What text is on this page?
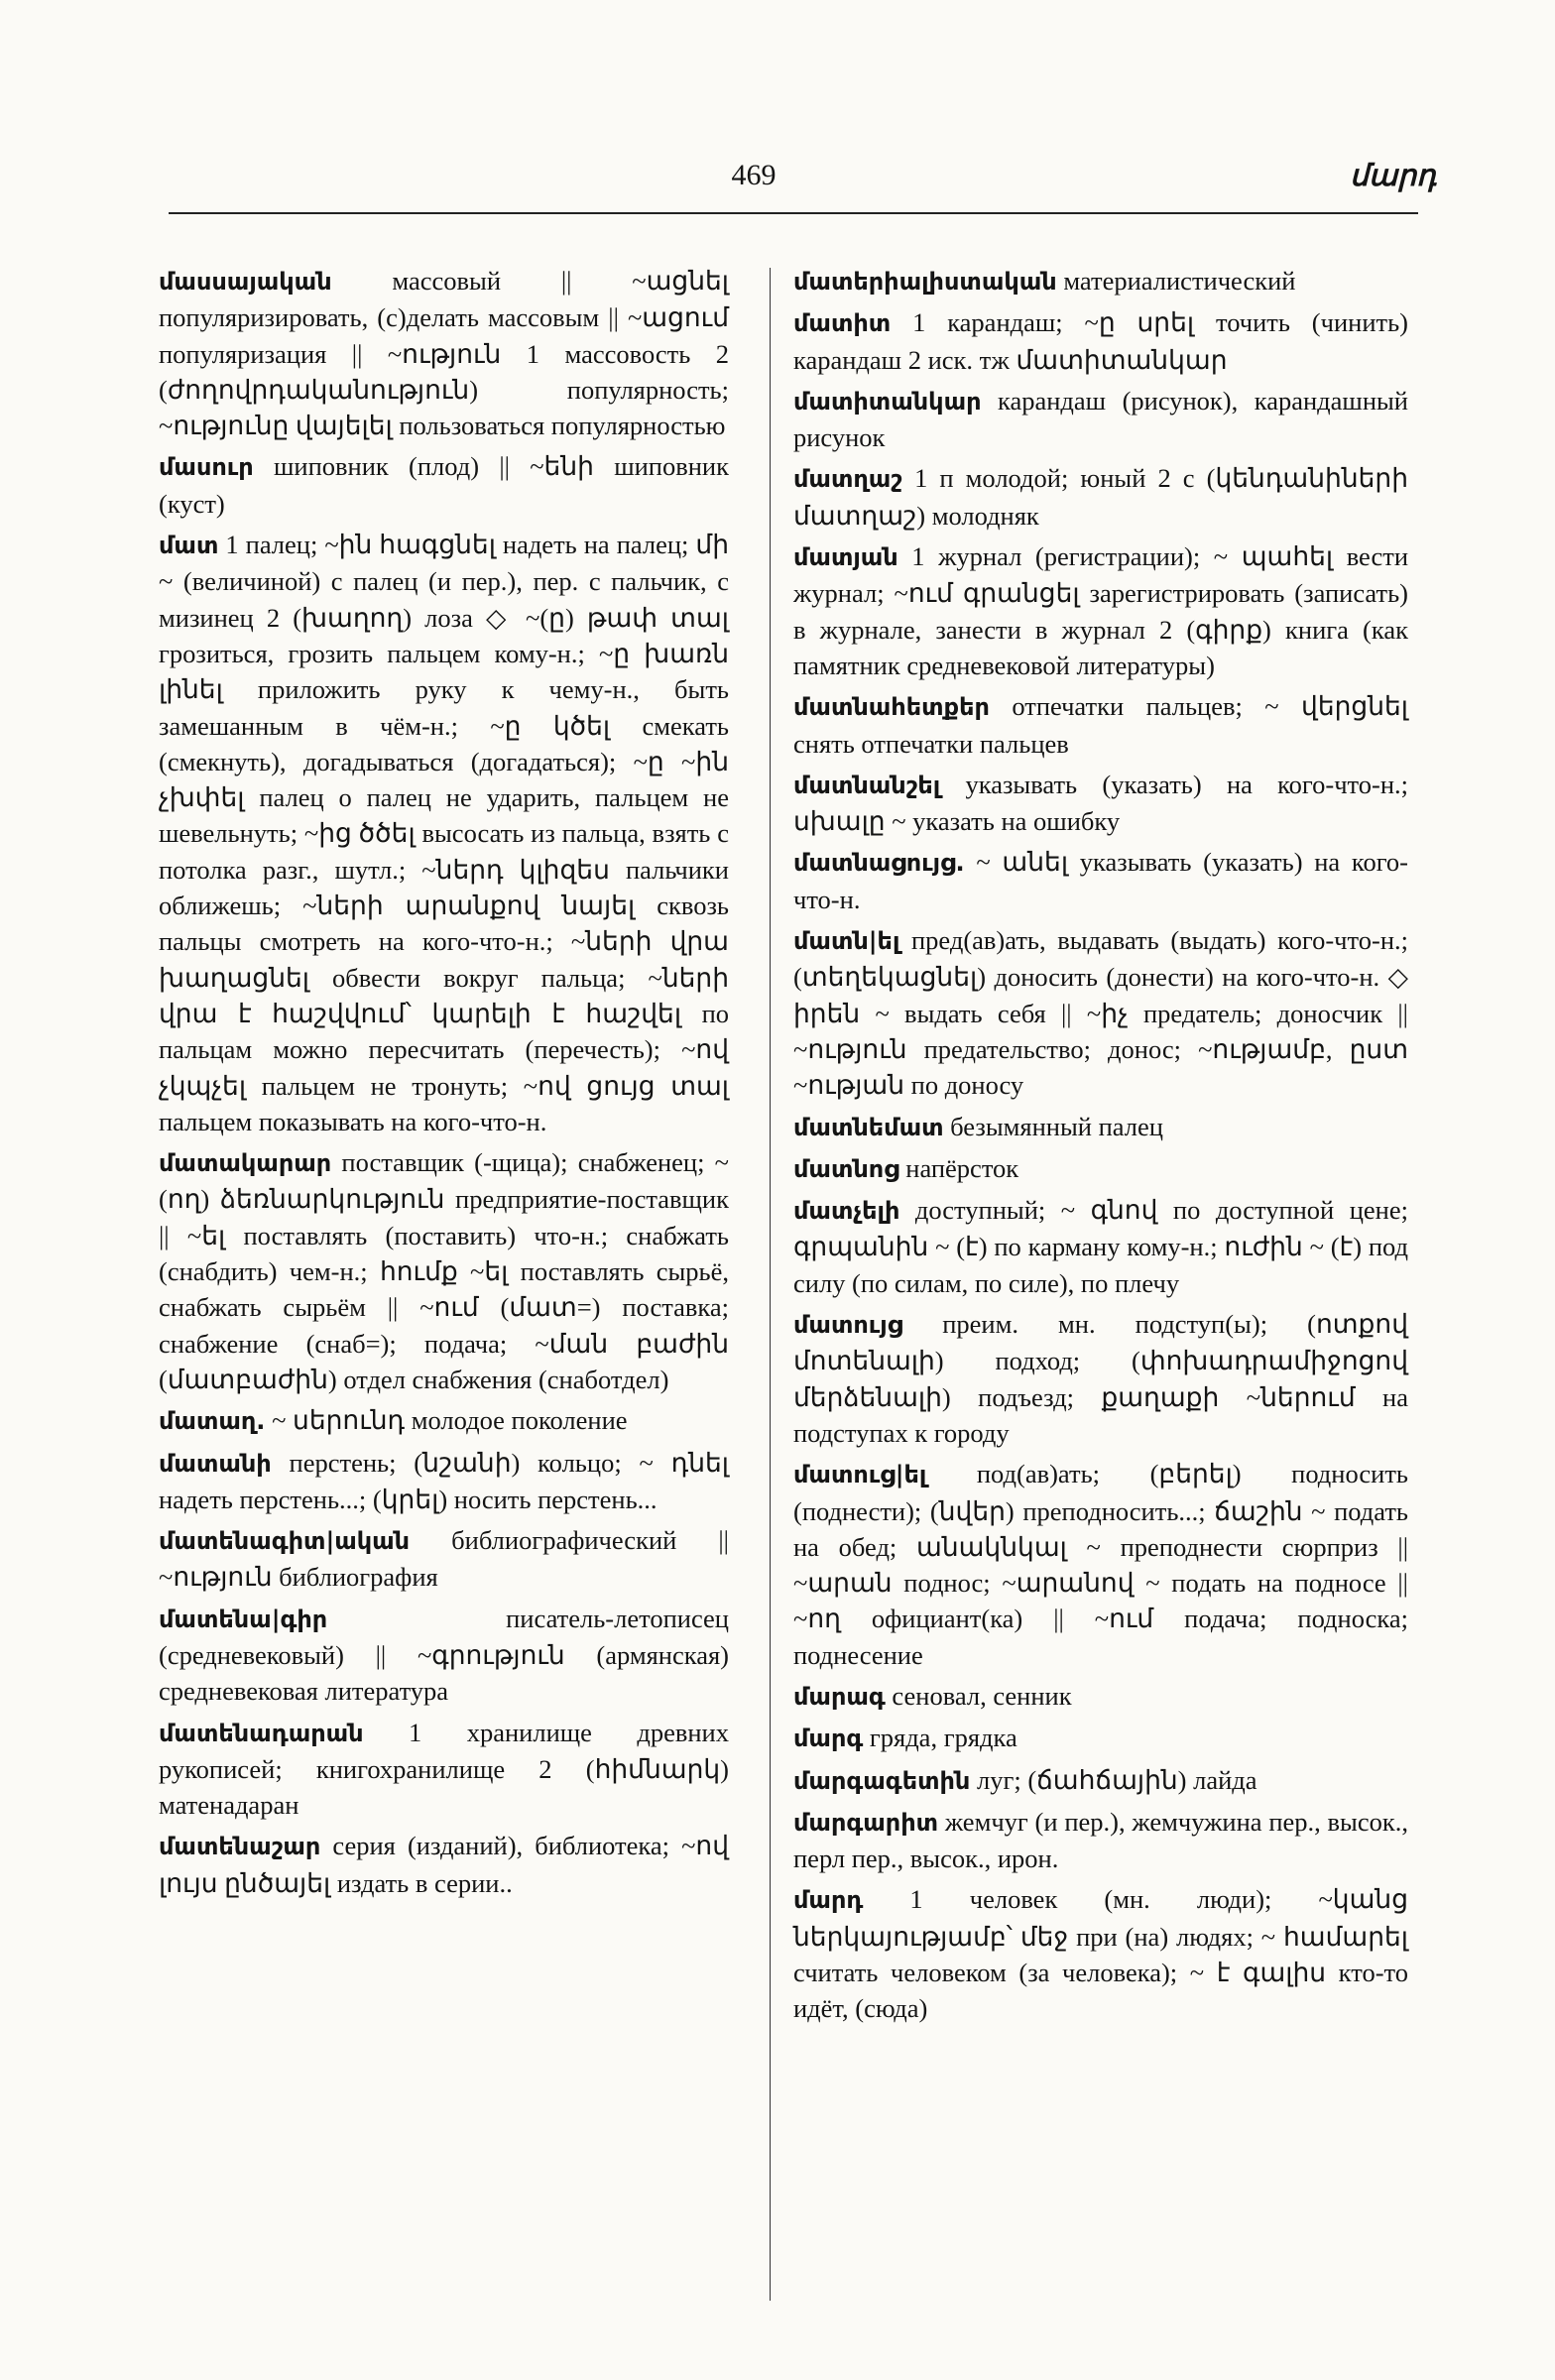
469	մարդ

մասսայական массовый || ~ացնել популяризировать, (с)делать массовым || ~ացում популяризация || ~ություն 1 массовость 2 (ժողովրդականություն) популярность; ~ությունը վայելել пользоваться популярностью

մասուր шиповник (плод) || ~ենի шиповник (куст)

մատ 1 палец; ~ին հագցնել надеть на палец; մի ~ (величиной) с палец (и пер.), пер. с пальчик, с мизинец 2 (խաղող) лоза ◇ ~(ը) թափ տալ грозиться, грозить пальцем кому-н.; ~ը խառն լինել приложить руку к чему-н., быть замешанным в чём-н.; ~ը կծել смекать (смекнуть), догадываться (догадаться); ~ը ~ին չխփել палец о палец не ударить, пальцем не шевельнуть; ~ից ծծել высосать из пальца, взять с потолка разг., шутл.; ~ներդ կլիզես пальчики оближешь; ~ների արանքով նայել сквозь пальцы смотреть на кого-что-н.; ~ների վրա խաղացնել обвести вокруг пальца; ~ների վրա է հաշվվում՝ կարելի է հաշվել по пальцам можно пересчитать (перечесть); ~ով չկպչել пальцем не тронуть; ~ով ցույց տալ пальцем показывать на кого-что-н.

մատակարար поставщик (-щица); снабженец; ~(ող) ձեռնարկություն предприятие-поставщик || ~ել поставлять (поставить) что-н.; снабжать (снабдить) чем-н.; հումք ~ել поставлять сырьё, снабжать сырьём || ~ում (մատ=) поставка; снабжение (снаб=); подача; ~ման բաժին (մատբաժին) отдел снабжения (снаботдел)

մատաղ. ~ սերունդ молодое поколение

մատանի перстень; (նշանի) кольцо; ~ դնել надеть перстень...; (կրել) носить перстень...

մատենագիտ|ական библиографический || ~ություն библиография

մատենա|գիր писатель-летописец (средневековый) || ~գրություն (армянская) средневековая литература

մատենադարան 1 хранилище древних рукописей; книгохранилище 2 (հիմնարկ) матенадаран

մատենաշար серия (изданий), библиотека; ~ով լույս ընծայել издать в серии..

մատերիալիստական материалистический

մատիտ 1 карандаш; ~ը սրել точить (чинить) карандаш 2 иск. тж մատիտանկար

մատիտանկար карандаш (рисунок), карандашный рисунок

մատղաշ 1 п молодой; юный 2 с (կենդանիների մատղաշ) молодняк

մատյան 1 журнал (регистрации); ~ պահել вести журнал; ~ում գրանցել зарегистрировать (записать) в журнале, занести в журнал 2 (գիրք) книга (как памятник средневековой литературы)

մատնահետքեր отпечатки пальцев; ~ վերցնել снять отпечатки пальцев

մատնանշել указывать (указать) на кого-что-н.; սխալը ~ указать на ошибку

մատնացույց. ~ անել указывать (указать) на кого-что-н.

մատն|ել пред(ав)ать, выдавать (выдать) кого-что-н.; (տեղեկացնել) доносить (донести) на кого-что-н. ◇ իրեն ~ выдать себя || ~իչ предатель; доносчик || ~ություն предательство; донос; ~ությամբ, ըստ ~ության по доносу

մատնեմատ безымянный палец

մատնոց напёрсток

մատչելի доступный; ~ գնով по доступной цене; գրպանին ~ (է) по карману кому-н.; ուժին ~ (է) под силу (по силам, по силе), по плечу

մատույց преим. мн. подступ(ы); (ոտքով մոտենալի) подход; (փոխադրամիջոցով մերձենալի) подъезд; քաղաքի ~ներում на подступах к городу

մատուց|ել под(ав)ать; (բերել) подносить (поднести); (նվեր) преподносить...; ճաշին ~ подать на обед; անակնկալ ~ преподнести сюрприз || ~արան поднос; ~արանով ~ подать на подносе || ~ող официант(ка) || ~ում подача; подноска; поднесение

մարագ сеновал, сенник

մարգ гряда, грядка

մարգագետին луг; (ճահճային) лайда

մարգարիտ жемчуг (и пер.), жемчужина пер., высок., перл пер., высок., ирон.

մարդ 1 человек (мн. люди); ~կանց ներկայությամբ՝ մեջ при (на) людях; ~ համարել считать человеком (за человека); ~ է գալիս кто-то идёт, (сюда)
